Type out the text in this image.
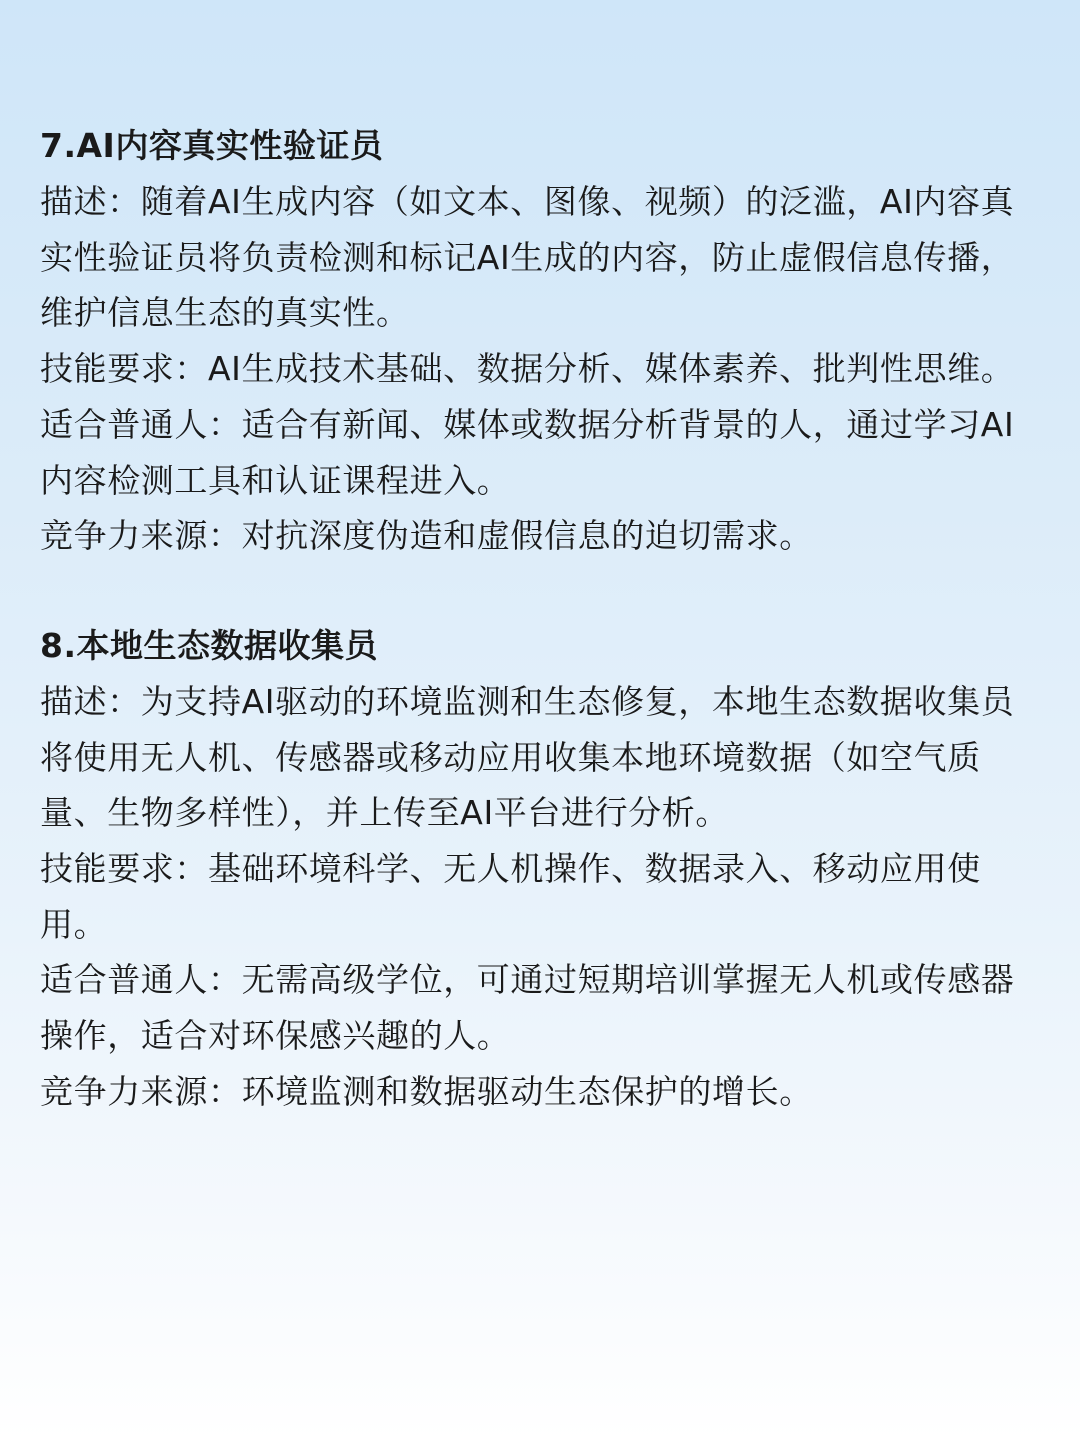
7.AI内容真实性验证员

描述：随着AI生成内容（如文本、图像、视频）的泛滥，AI内容真实性验证员将负责检测和标记AI生成的内容，防止虚假信息传播，维护信息生态的真实性。

技能要求：AI生成技术基础、数据分析、媒体素养、批判性思维。

适合普通人：适合有新闻、媒体或数据分析背景的人，通过学习AI内容检测工具和认证课程进入。

竞争力来源：对抗深度伪造和虚假信息的迫切需求。

8.本地生态数据收集员

描述：为支持AI驱动的环境监测和生态修复，本地生态数据收集员将使用无人机、传感器或移动应用收集本地环境数据（如空气质量、生物多样性），并上传至AI平台进行分析。

技能要求：基础环境科学、无人机操作、数据录入、移动应用使用。

适合普通人：无需高级学位，可通过短期培训掌握无人机或传感器操作，适合对环保感兴趣的人。

竞争力来源：环境监测和数据驱动生态保护的增长。
